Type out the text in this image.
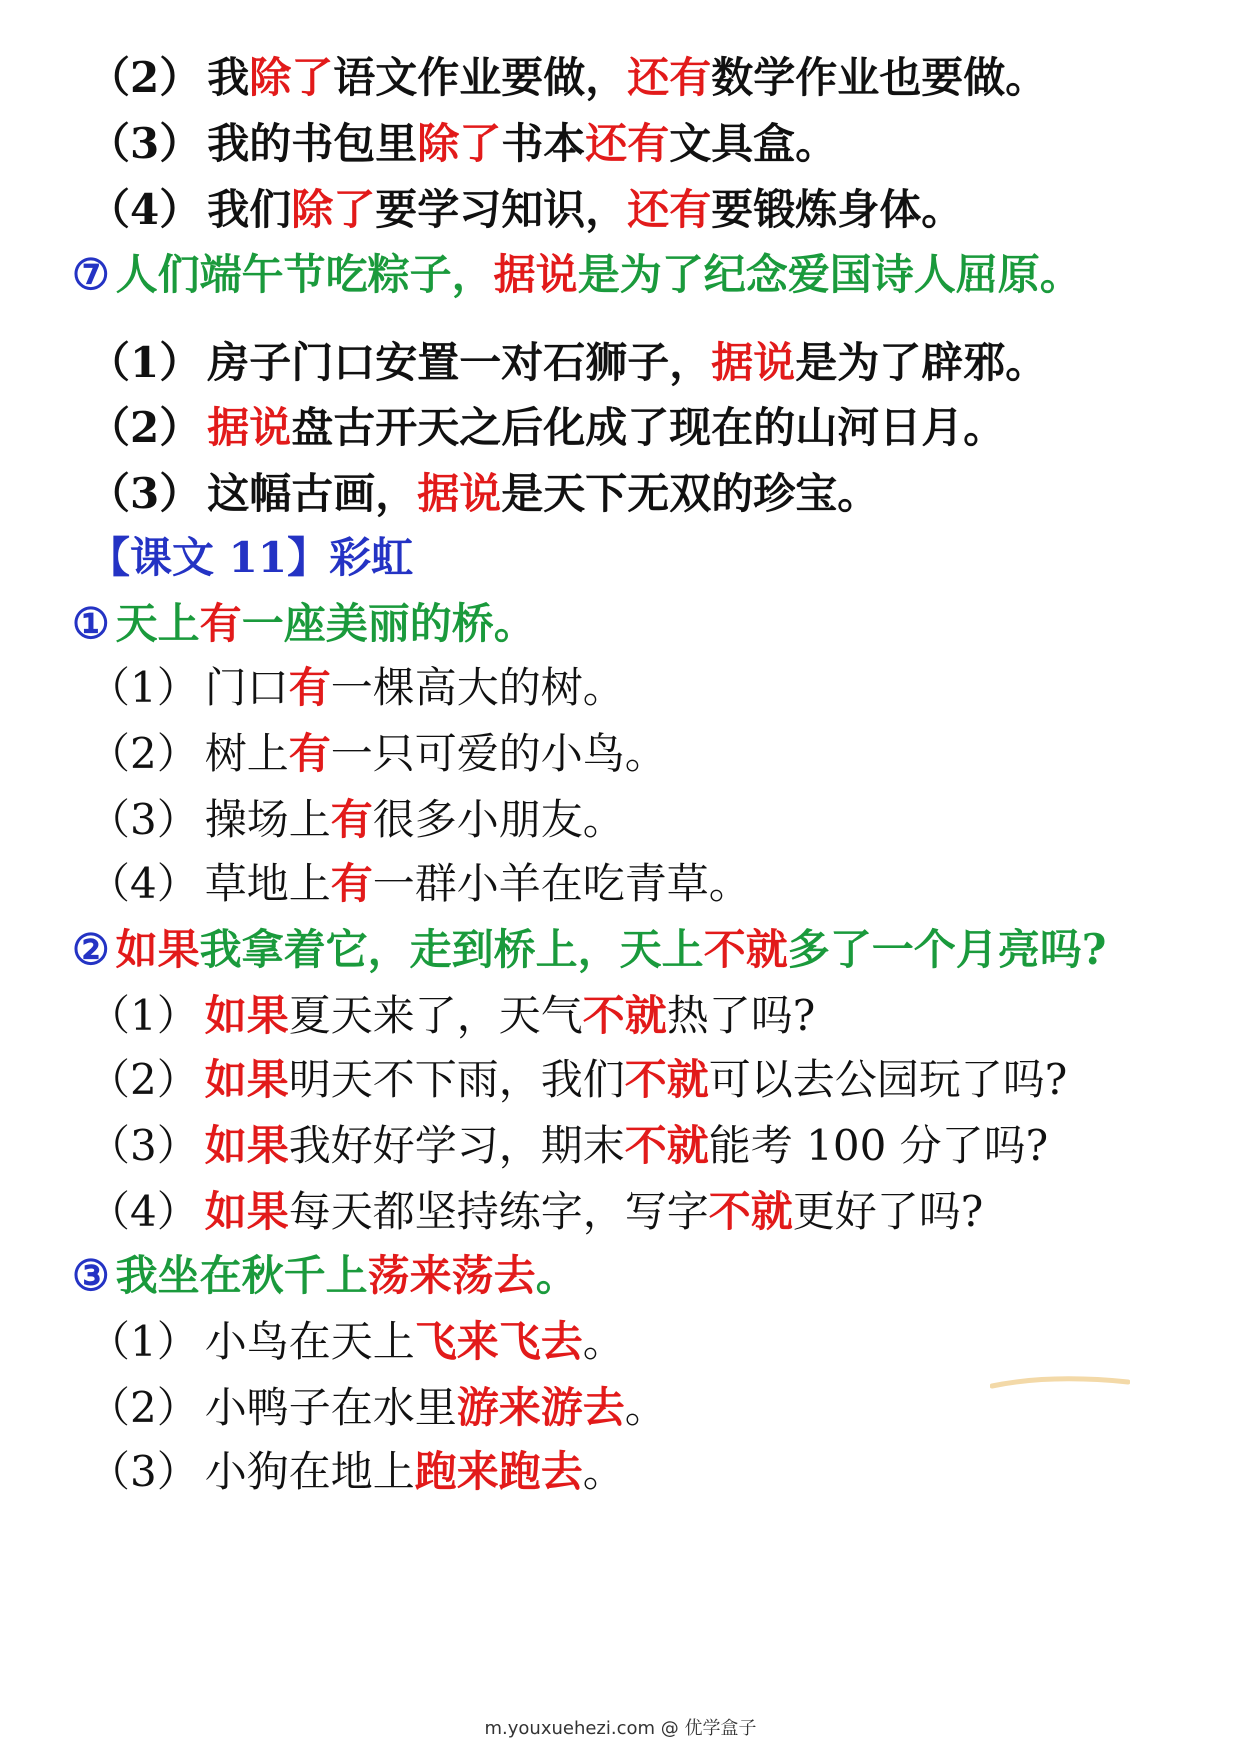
（2） 我除了语文作业要做，还有数学作业也要做。
（3） 我的书包里除了书本还有文具盒。
（4） 我们除了要学习知识，还有要锻炼身体。
⑦ 人们端午节吃粽子，据说是为了纪念爱国诗人屈原。
（1） 房子门口安置一对石狮子，据说是为了辟邪。
（2） 据说盘古开天之后化成了现在的山河日月。
（3） 这幅古画，据说是天下无双的珍宝。
【课文 11】彩虹
① 天上有一座美丽的桥。
（1） 门口有一棵高大的树。
（2） 树上有一只可爱的小鸟。
（3） 操场上有很多小朋友。
（4） 草地上有一群小羊在吃青草。
② 如果我拿着它，走到桥上，天上不就多了一个月亮吗?
（1） 如果夏天来了，天气不就热了吗?
（2） 如果明天不下雨，我们不就可以去公园玩了吗?
（3） 如果我好好学习，期末不就能考 100 分了吗?
（4） 如果每天都坚持练字，写字不就更好了吗?
③ 我坐在秋千上荡来荡去。
（1） 小鸟在天上飞来飞去。
（2） 小鸭子在水里游来游去。
（3） 小狗在地上跑来跑去。
m.youxuehezi.com @ 优学盒子
